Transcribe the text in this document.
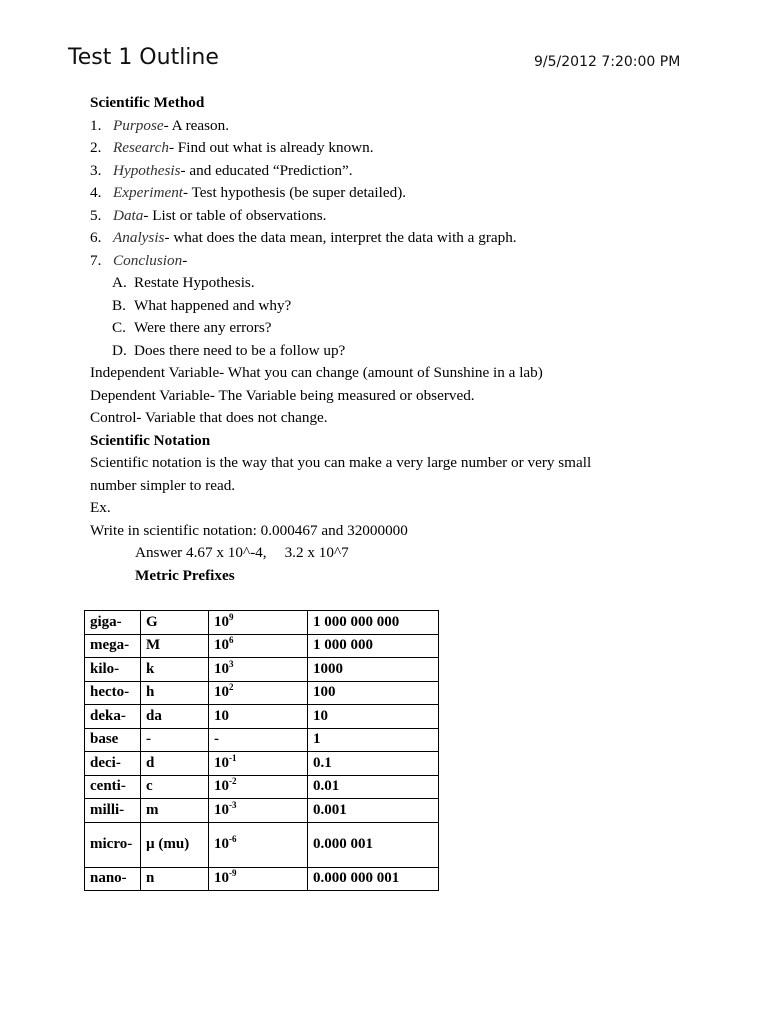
Test 1 Outline	9/5/2012 7:20:00 PM
Scientific Method
1. Purpose- A reason.
2. Research- Find out what is already known.
3. Hypothesis- and educated “Prediction”.
4. Experiment- Test hypothesis (be super detailed).
5. Data- List or table of observations.
6. Analysis- what does the data mean, interpret the data with a graph.
7. Conclusion-
A. Restate Hypothesis.
B. What happened and why?
C. Were there any errors?
D. Does there need to be a follow up?
Independent Variable- What you can change (amount of Sunshine in a lab)
Dependent Variable- The Variable being measured or observed.
Control- Variable that does not change.
Scientific Notation
Scientific notation is the way that you can make a very large number or very small
number simpler to read.
Ex.
Write in scientific notation: 0.000467 and 32000000
Answer 4.67 x 10^-4, 3.2 x 10^7
Metric Prefixes
giga-	G	$10^9$	1 000 000 000
mega-	M	$10^6$	1 000 000
kilo-	k	$10^3$	1000
hecto-	h	$10^2$	100
deka-	da	10	10
base	-	-	1
deci-	d	$10^{-1}$	0.1
centi-	c	$10^{-2}$	0.01
milli-	m	$10^{-3}$	0.001

micro-	µ (mu)	$10^{-6}$	0.000 001
nano-	n	$10^{-9}$	0.000 000 001
